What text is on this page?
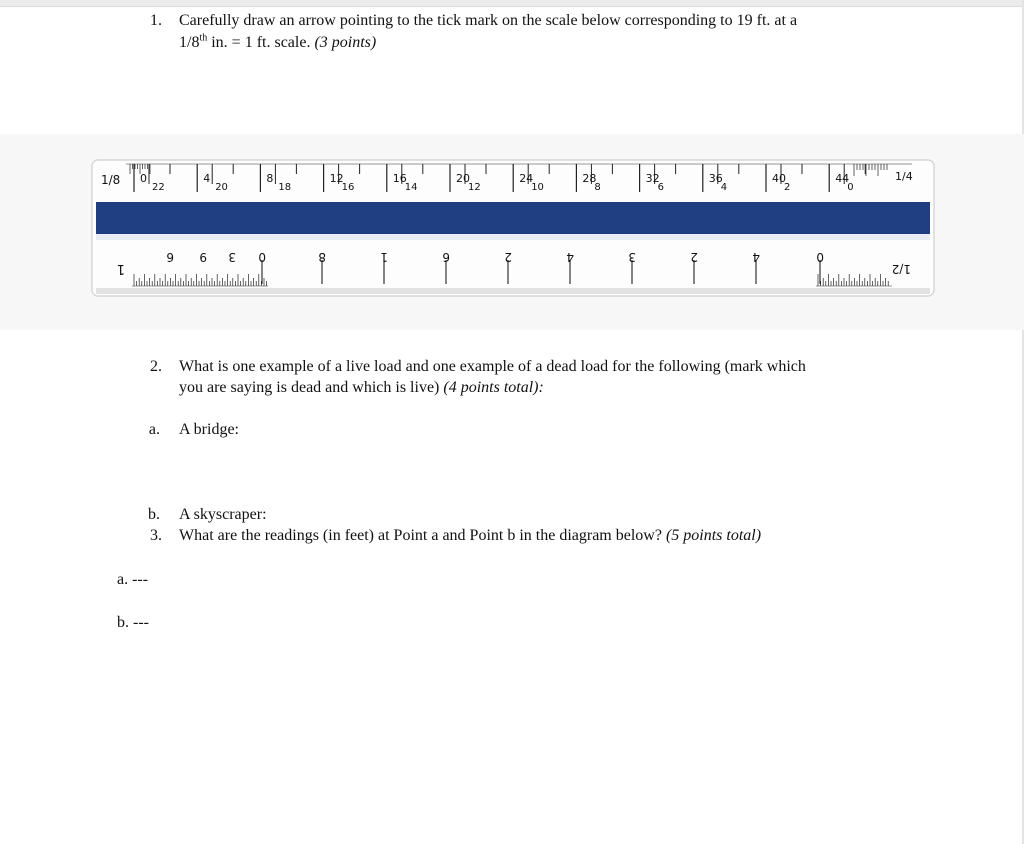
1. Carefully draw an arrow pointing to the tick mark on the scale below corresponding to 19 ft. at a
1/8th in. = 1 ft. scale. (3 points)
0
22
4
20
8
18
12
16
16
14
20
12
24
10
28
8
32
6
36
4
40
2
44
0
6 9 3 0	8	1	6	2	4	3	2	4	0
1/8	1/4
1	1/2
2. What is one example of a live load and one example of a dead load for the following (mark which
you are saying is dead and which is live) (4 points total):
a. A bridge:
b. A skyscraper:
3. What are the readings (in feet) at Point a and Point b in the diagram below? (5 points total)
a. ---
b. ---
